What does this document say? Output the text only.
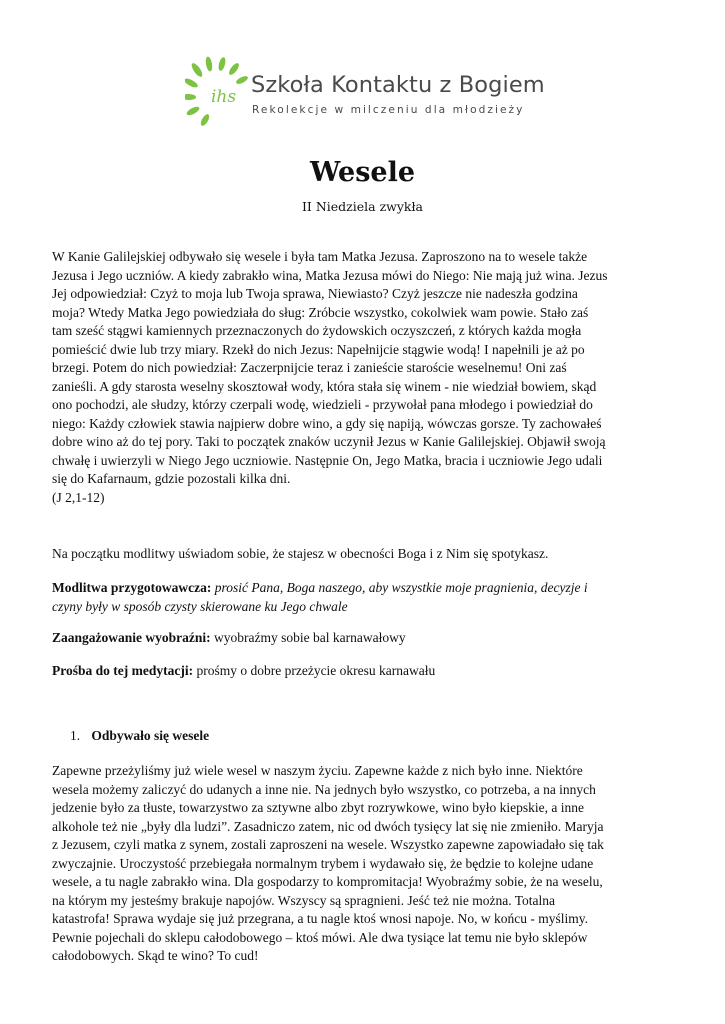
ihs Szkoła Kontaktu z Bogiem
Rekolekcje w milczeniu dla młodzieży
Wesele
II Niedziela zwykła
W Kanie Galilejskiej odbywało się wesele i była tam Matka Jezusa. Zaproszono na to wesele także
Jezusa i Jego uczniów. A kiedy zabrakło wina, Matka Jezusa mówi do Niego: Nie mają już wina. Jezus
Jej odpowiedział: Czyż to moja lub Twoja sprawa, Niewiasto? Czyż jeszcze nie nadeszła godzina
moja? Wtedy Matka Jego powiedziała do sług: Zróbcie wszystko, cokolwiek wam powie. Stało zaś
tam sześć stągwi kamiennych przeznaczonych do żydowskich oczyszczeń, z których każda mogła
pomieścić dwie lub trzy miary. Rzekł do nich Jezus: Napełnijcie stągwie wodą! I napełnili je aż po
brzegi. Potem do nich powiedział: Zaczerpnijcie teraz i zanieście staroście weselnemu! Oni zaś
zanieśli. A gdy starosta weselny skosztował wody, która stała się winem - nie wiedział bowiem, skąd
ono pochodzi, ale słudzy, którzy czerpali wodę, wiedzieli - przywołał pana młodego i powiedział do
niego: Każdy człowiek stawia najpierw dobre wino, a gdy się napiją, wówczas gorsze. Ty zachowałeś
dobre wino aż do tej pory. Taki to początek znaków uczynił Jezus w Kanie Galilejskiej. Objawił swoją
chwałę i uwierzyli w Niego Jego uczniowie. Następnie On, Jego Matka, bracia i uczniowie Jego udali
się do Kafarnaum, gdzie pozostali kilka dni.
(J 2,1-12)

Na początku modlitwy uświadom sobie, że stajesz w obecności Boga i z Nim się spotykasz.

Modlitwa przygotowawcza: prosić Pana, Boga naszego, aby wszystkie moje pragnienia, decyzje i
czyny były w sposób czysty skierowane ku Jego chwale

Zaangażowanie wyobraźni: wyobraźmy sobie bal karnawałowy

Prośba do tej medytacji: prośmy o dobre przeżycie okresu karnawału

1. Odbywało się wesele
Zapewne przeżyliśmy już wiele wesel w naszym życiu. Zapewne każde z nich było inne. Niektóre
wesela możemy zaliczyć do udanych a inne nie. Na jednych było wszystko, co potrzeba, a na innych
jedzenie było za tłuste, towarzystwo za sztywne albo zbyt rozrywkowe, wino było kiepskie, a inne
alkohole też nie „były dla ludzi”. Zasadniczo zatem, nic od dwóch tysięcy lat się nie zmieniło. Maryja
z Jezusem, czyli matka z synem, zostali zaproszeni na wesele. Wszystko zapewne zapowiadało się tak
zwyczajnie. Uroczystość przebiegała normalnym trybem i wydawało się, że będzie to kolejne udane
wesele, a tu nagle zabrakło wina. Dla gospodarzy to kompromitacja! Wyobraźmy sobie, że na weselu,
na którym my jesteśmy brakuje napojów. Wszyscy są spragnieni. Jeść też nie można. Totalna
katastrofa! Sprawa wydaje się już przegrana, a tu nagle ktoś wnosi napoje. No, w końcu - myślimy.
Pewnie pojechali do sklepu całodobowego – ktoś mówi. Ale dwa tysiące lat temu nie było sklepów
całodobowych. Skąd te wino? To cud!
